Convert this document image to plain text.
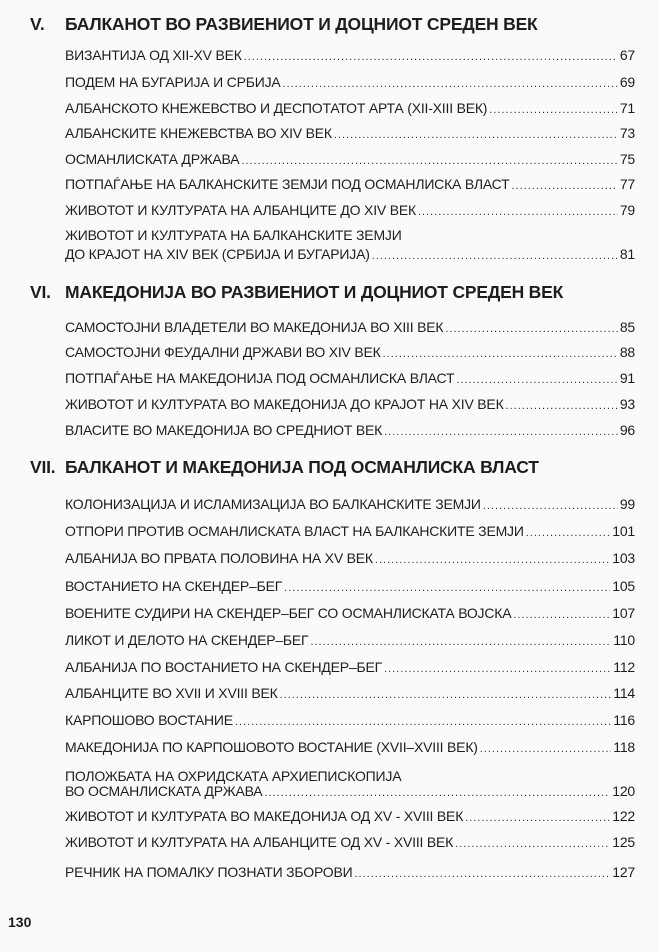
V. БАЛКАНОТ ВО РАЗВИЕНИОТ И ДОЦНИОТ СРЕДЕН ВЕК
ВИЗАНТИЈА ОД XII-XV ВЕК .....	67
ПОДЕМ НА БУГАРИЈА И СРБИЈА .....	69
АЛБАНСКОТО КНЕЖЕВСТВО И ДЕСПОТАТОТ АРТА (XII-XIII ВЕК) .....	71
АЛБАНСКИТЕ КНЕЖЕВСТВА ВО XIV ВЕК .....	73
ОСМАНЛИСКАТА ДРЖАВА .....	75
ПОТПАЃАЊЕ НА БАЛКАНСКИТЕ ЗЕМЈИ ПОД ОСМАНЛИСКА ВЛАСТ .....	77
ЖИВОТОТ И КУЛТУРАТА НА АЛБАНЦИТЕ ДО XIV ВЕК .....	79
ЖИВОТОТ И КУЛТУРАТА НА БАЛКАНСКИТЕ ЗЕМЈИ
ДО КРАЈОТ НА XIV ВЕК (СРБИЈА И БУГАРИЈА) .....	81
VI. МАКЕДОНИЈА ВО РАЗВИЕНИОТ И ДОЦНИОТ СРЕДЕН ВЕК
САМОСТОЈНИ ВЛАДЕТЕЛИ ВО МАКЕДОНИЈА ВО XIII ВЕК .....	85
САМОСТОЈНИ ФЕУДАЛНИ ДРЖАВИ ВО XIV ВЕК .....	88
ПОТПАЃАЊЕ НА МАКЕДОНИЈА ПОД ОСМАНЛИСКА ВЛАСТ .....	91
ЖИВОТОТ И КУЛТУРАТА ВО МАКЕДОНИЈА ДО КРАЈОТ НА XIV ВЕК .....	93
ВЛАСИТЕ ВО МАКЕДОНИЈА ВО СРЕДНИОТ ВЕК .....	96
VII. БАЛКАНОТ И МАКЕДОНИЈА ПОД ОСМАНЛИСКА ВЛАСТ
КОЛОНИЗАЦИЈА И ИСЛАМИЗАЦИЈА ВО БАЛКАНСКИТЕ ЗЕМЈИ .....	99
ОТПОРИ ПРОТИВ ОСМАНЛИСКАТА ВЛАСТ НА БАЛКАНСКИТЕ ЗЕМЈИ .....	101
АЛБАНИЈА ВО ПРВАТА ПОЛОВИНА НА XV ВЕК .....	103
ВОСТАНИЕТО НА СКЕНДЕР–БЕГ .....	105
ВОЕНИТЕ СУДИРИ НА СКЕНДЕР–БЕГ СО ОСМАНЛИСКАТА ВОЈСКА .....	107
ЛИКОТ И ДЕЛОТО НА СКЕНДЕР–БЕГ .....	110
АЛБАНИЈА ПО ВОСТАНИЕТО НА СКЕНДЕР–БЕГ .....	112
АЛБАНЦИТЕ ВО XVII И XVIII ВЕК .....	114
КАРПОШОВО ВОСТАНИЕ .....	116
МАКЕДОНИЈА ПО КАРПОШОВОТО ВОСТАНИЕ (XVII–XVIII ВЕК) .....	118
ПОЛОЖБАТА НА ОХРИДСКАТА АРХИЕПИСКОПИЈА
ВО ОСМАНЛИСКАТА ДРЖАВА .....	120
ЖИВОТОТ И КУЛТУРАТА ВО МАКЕДОНИЈА ОД XV - XVIII ВЕК .....	122
ЖИВОТОТ И КУЛТУРАТА НА АЛБАНЦИТЕ ОД XV - XVIII ВЕК .....	125
РЕЧНИК НА ПОМАЛКУ ПОЗНАТИ ЗБОРОВИ .....	127
130
